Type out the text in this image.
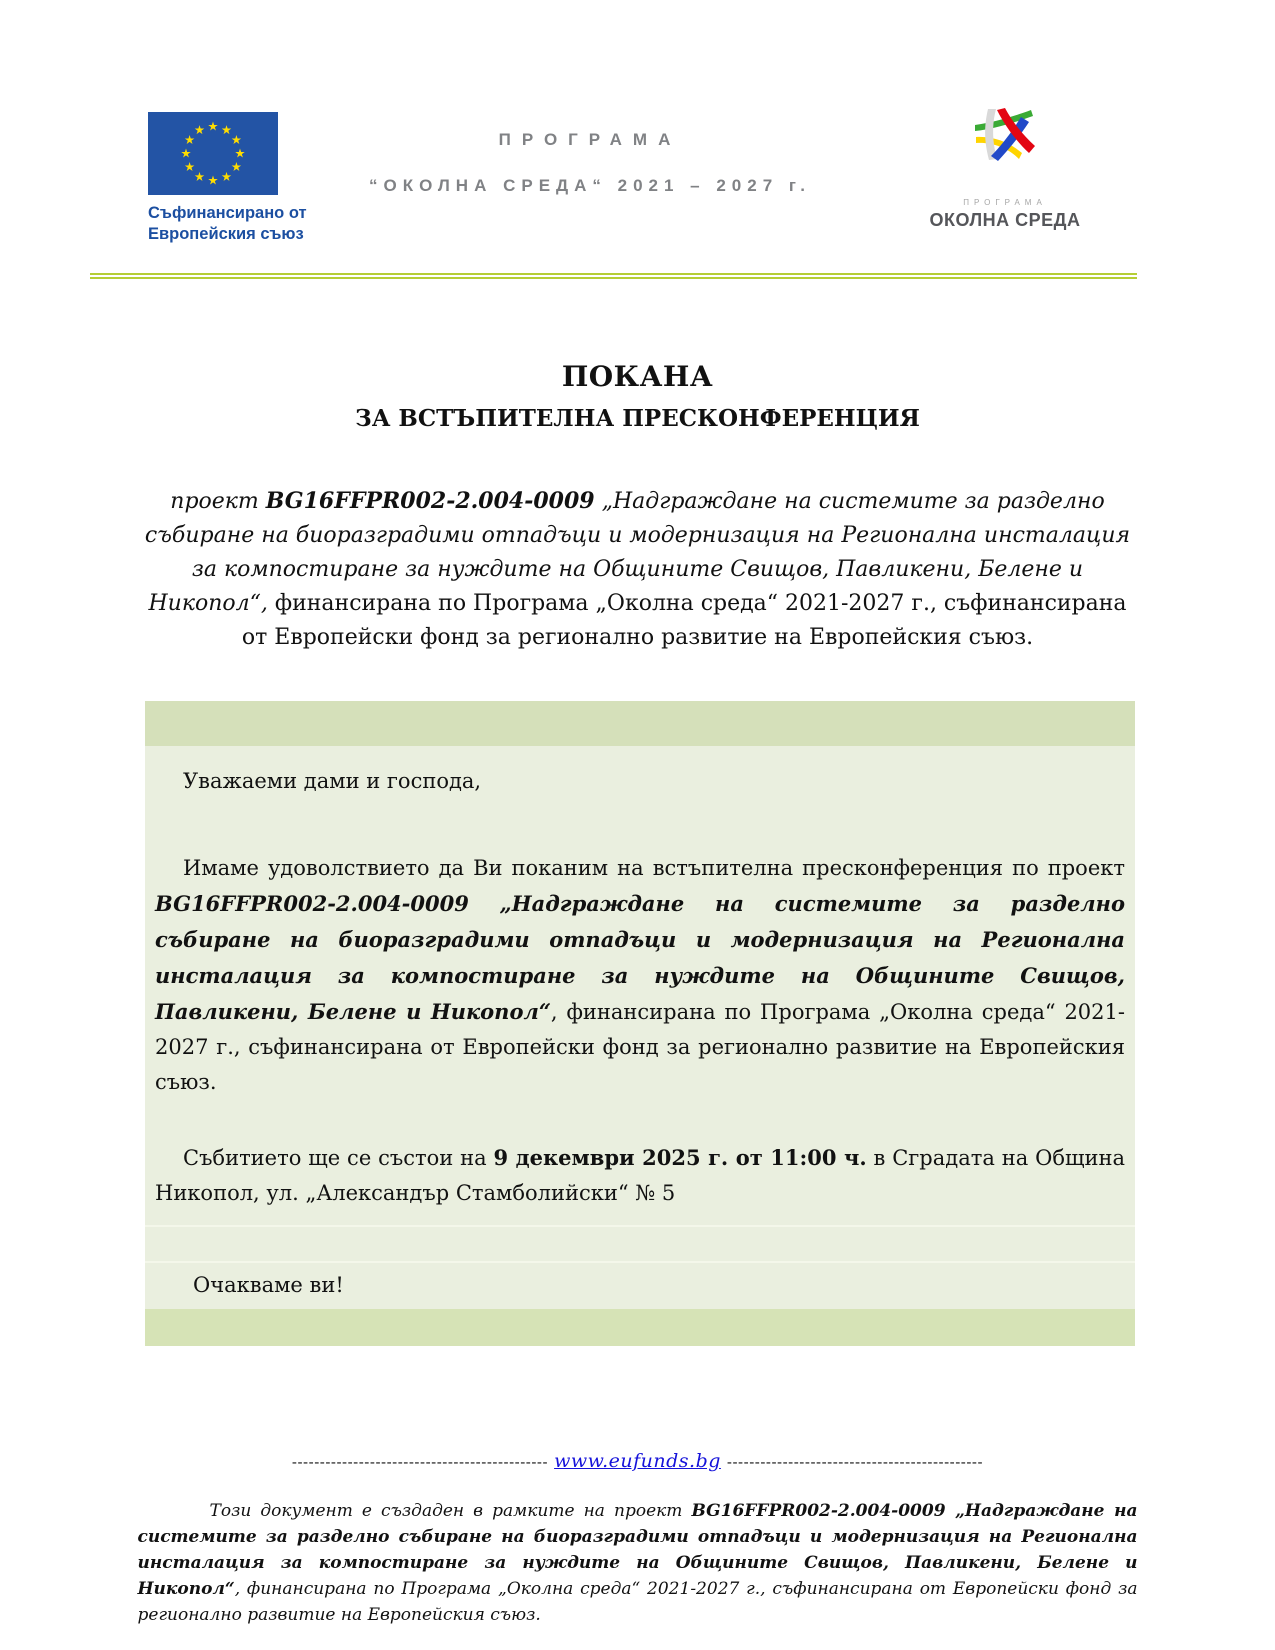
Съфинансирано от
Европейския съюз
ПРОГРАМА
“ОКОЛНА СРЕДА“ 2021 – 2027 г.
ПРОГРАМА
ОКОЛНА СРЕДА
ПОКАНА
ЗА ВСТЪПИТЕЛНА ПРЕСКОНФЕРЕНЦИЯ

проект BG16FFPR002-2.004-0009 „Надграждане на системите за разделно събиране на биоразградими отпадъци и модернизация на Регионална инсталация за компостиране за нуждите на Общините Свищов, Павликени, Белене и Никопол“, финансирана по Програма „Околна среда“ 2021-2027 г., съфинансирана от Европейски фонд за регионално развитие на Европейския съюз.

Уважаеми дами и господа,

Имаме удоволствието да Ви поканим на встъпителна пресконференция по проект BG16FFPR002-2.004-0009 „Надграждане на системите за разделно събиране на биоразградими отпадъци и модернизация на Регионална инсталация за компостиране за нуждите на Общините Свищов, Павликени, Белене и Никопол“, финансирана по Програма „Околна среда“ 2021-2027 г., съфинансирана от Европейски фонд за регионално развитие на Европейския съюз.

Събитието ще се състои на 9 декември 2025 г. от 11:00 ч. в Сградата на Община Никопол, ул. „Александър Стамболийски“ № 5

Очакваме ви!
---------------------------------------------- www.eufunds.bg ----------------------------------------------

Този документ е създаден в рамките на проект BG16FFPR002-2.004-0009 „Надграждане на системите за разделно събиране на биоразградими отпадъци и модернизация на Регионална инсталация за компостиране за нуждите на Общините Свищов, Павликени, Белене и Никопол“, финансирана по Програма „Околна среда“ 2021-2027 г., съфинансирана от Европейски фонд за регионално развитие на Европейския съюз.
